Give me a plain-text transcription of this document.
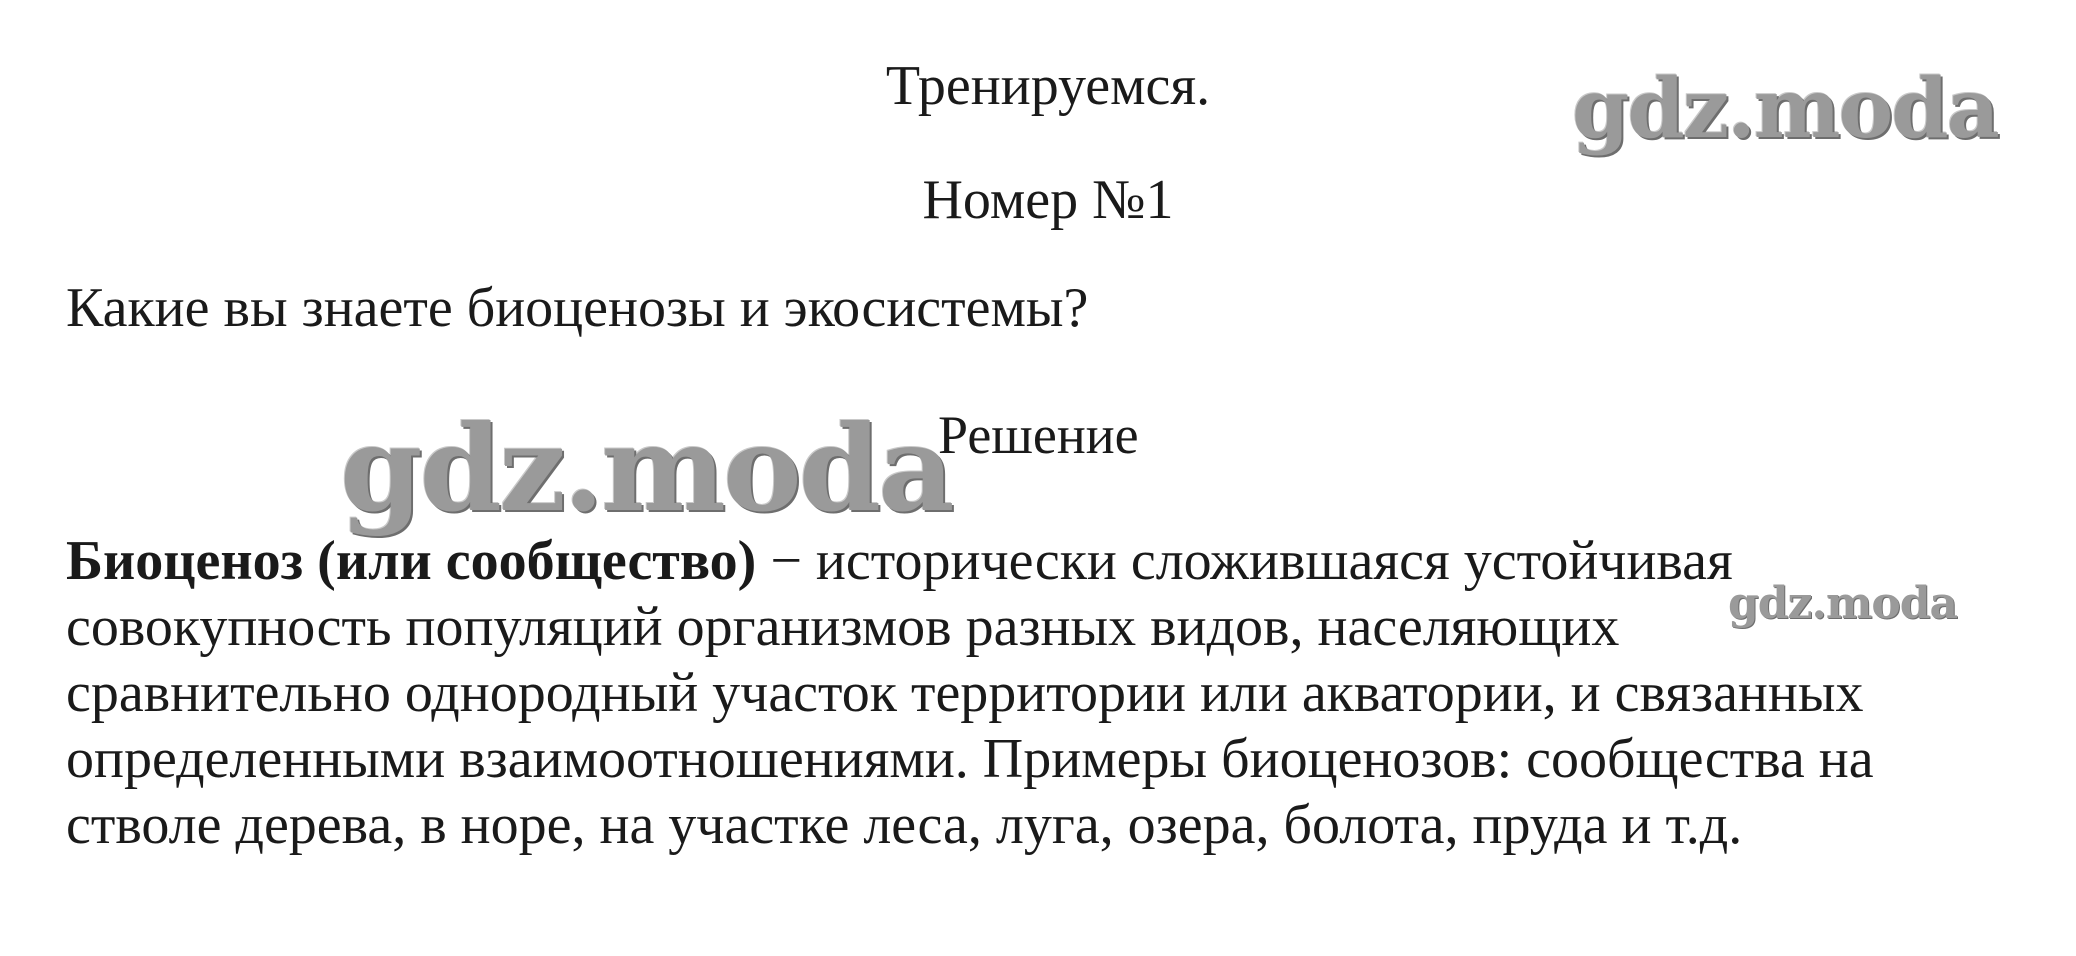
Тренируемся.
Номер №1
Какие вы знаете биоценозы и экосистемы?
Решение
Биоценоз (или сообщество) − исторически сложившаяся устойчивая
совокупность популяций организмов разных видов, населяющих
сравнительно однородный участок территории или акватории, и связанных
определенными взаимоотношениями. Примеры биоценозов: сообщества на
стволе дерева, в норе, на участке леса, луга, озера, болота, пруда и т.д.
gdz.moda
gdz.moda
gdz.moda
